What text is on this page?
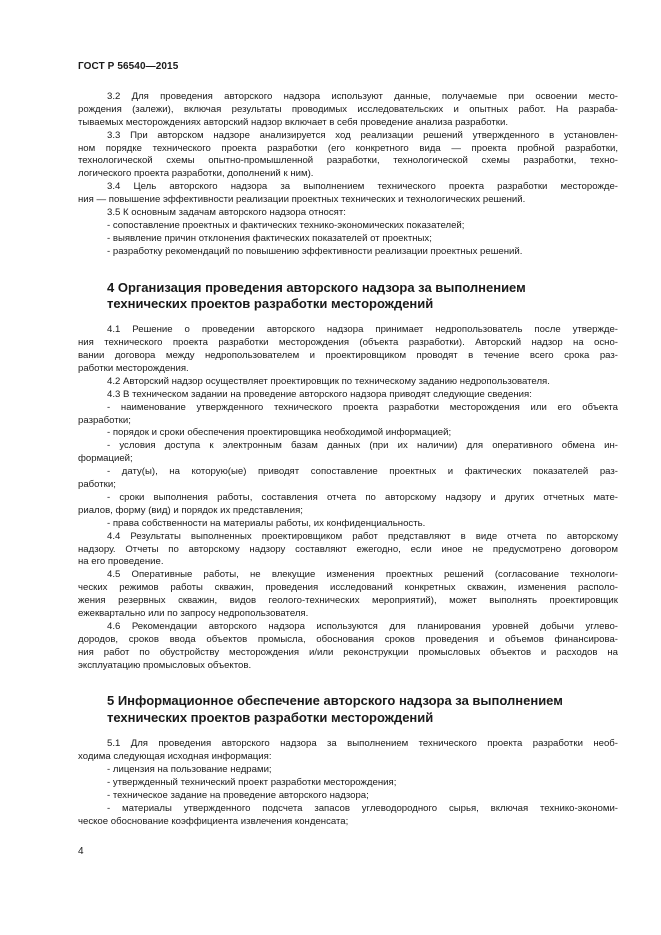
ГОСТ Р 56540—2015
3.2 Для проведения авторского надзора используют данные, получаемые при освоении место-
рождения (залежи), включая результаты проводимых исследовательских и опытных работ. На разраба-
тываемых месторождениях авторский надзор включает в себя проведение анализа разработки.
3.3 При авторском надзоре анализируется ход реализации решений утвержденного в установлен-
ном порядке технического проекта разработки (его конкретного вида — проекта пробной разработки,
технологической схемы опытно-промышленной разработки, технологической схемы разработки, техно-
логического проекта разработки, дополнений к ним).
3.4 Цель авторского надзора за выполнением технического проекта разработки месторожде-
ния — повышение эффективности реализации проектных технических и технологических решений.
3.5 К основным задачам авторского надзора относят:
- сопоставление проектных и фактических технико-экономических показателей;
- выявление причин отклонения фактических показателей от проектных;
- разработку рекомендаций по повышению эффективности реализации проектных решений.
4 Организация проведения авторского надзора за выполнением
технических проектов разработки месторождений
4.1 Решение о проведении авторского надзора принимает недропользователь после утвержде-
ния технического проекта разработки месторождения (объекта разработки). Авторский надзор на осно-
вании договора между недропользователем и проектировщиком проводят в течение всего срока раз-
работки месторождения.
4.2 Авторский надзор осуществляет проектировщик по техническому заданию недропользователя.
4.3 В техническом задании на проведение авторского надзора приводят следующие сведения:
- наименование утвержденного технического проекта разработки месторождения или его объекта
разработки;
- порядок и сроки обеспечения проектировщика необходимой информацией;
- условия доступа к электронным базам данных (при их наличии) для оперативного обмена ин-
формацией;
- дату(ы), на которую(ые) приводят сопоставление проектных и фактических показателей раз-
работки;
- сроки выполнения работы, составления отчета по авторскому надзору и других отчетных мате-
риалов, форму (вид) и порядок их представления;
- права собственности на материалы работы, их конфиденциальность.
4.4 Результаты выполненных проектировщиком работ представляют в виде отчета по авторскому
надзору. Отчеты по авторскому надзору составляют ежегодно, если иное не предусмотрено договором
на его проведение.
4.5 Оперативные работы, не влекущие изменения проектных решений (согласование технологи-
ческих режимов работы скважин, проведения исследований конкретных скважин, изменения располо-
жения резервных скважин, видов геолого-технических мероприятий), может выполнять проектировщик
ежеквартально или по запросу недропользователя.
4.6 Рекомендации авторского надзора используются для планирования уровней добычи углево-
дородов, сроков ввода объектов промысла, обоснования сроков проведения и объемов финансирова-
ния работ по обустройству месторождения и/или реконструкции промысловых объектов и расходов на
эксплуатацию промысловых объектов.
5 Информационное обеспечение авторского надзора за выполнением
технических проектов разработки месторождений
5.1 Для проведения авторского надзора за выполнением технического проекта разработки необ-
ходима следующая исходная информация:
- лицензия на пользование недрами;
- утвержденный технический проект разработки месторождения;
- техническое задание на проведение авторского надзора;
- материалы утвержденного подсчета запасов углеводородного сырья, включая технико-экономи-
ческое обоснование коэффициента извлечения конденсата;
4
